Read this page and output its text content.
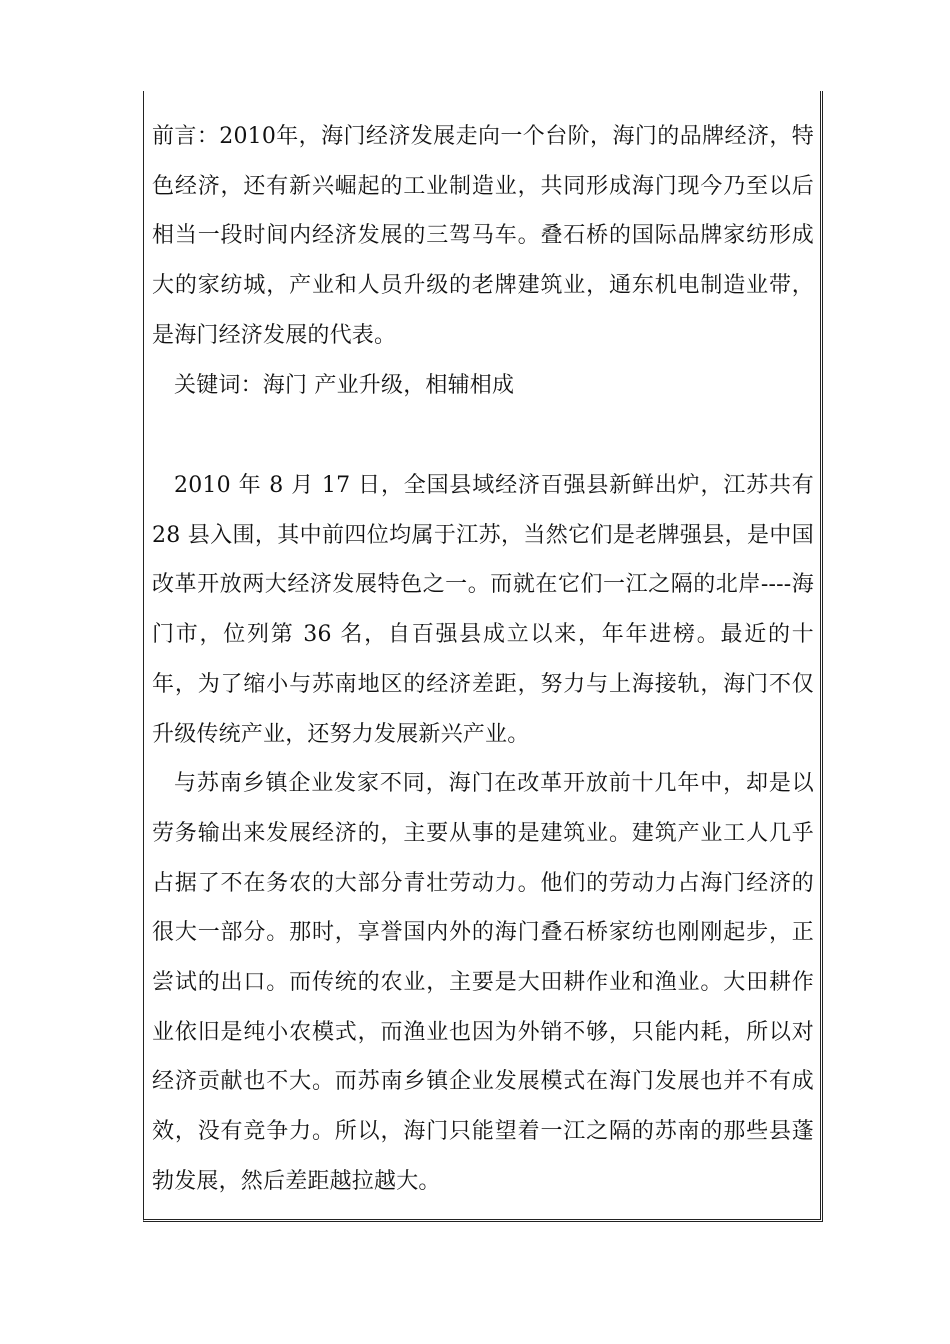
前言：2010年，海门经济发展走向一个台阶，海门的品牌经济，特色经济，还有新兴崛起的工业制造业，共同形成海门现今乃至以后相当一段时间内经济发展的三驾马车。叠石桥的国际品牌家纺形成大的家纺城，产业和人员升级的老牌建筑业，通东机电制造业带，是海门经济发展的代表。

关键词：海门 产业升级，相辅相成

2010 年 8 月 17 日，全国县域经济百强县新鲜出炉，江苏共有 28 县入围，其中前四位均属于江苏，当然它们是老牌强县，是中国改革开放两大经济发展特色之一。而就在它们一江之隔的北岸----海门市，位列第 36 名，自百强县成立以来，年年进榜。最近的十年，为了缩小与苏南地区的经济差距，努力与上海接轨，海门不仅升级传统产业，还努力发展新兴产业。

与苏南乡镇企业发家不同，海门在改革开放前十几年中，却是以劳务输出来发展经济的，主要从事的是建筑业。建筑产业工人几乎占据了不在务农的大部分青壮劳动力。他们的劳动力占海门经济的很大一部分。那时，享誉国内外的海门叠石桥家纺也刚刚起步，正尝试的出口。而传统的农业，主要是大田耕作业和渔业。大田耕作业依旧是纯小农模式，而渔业也因为外销不够，只能内耗，所以对经济贡献也不大。而苏南乡镇企业发展模式在海门发展也并不有成效，没有竞争力。所以，海门只能望着一江之隔的苏南的那些县蓬勃发展，然后差距越拉越大。
